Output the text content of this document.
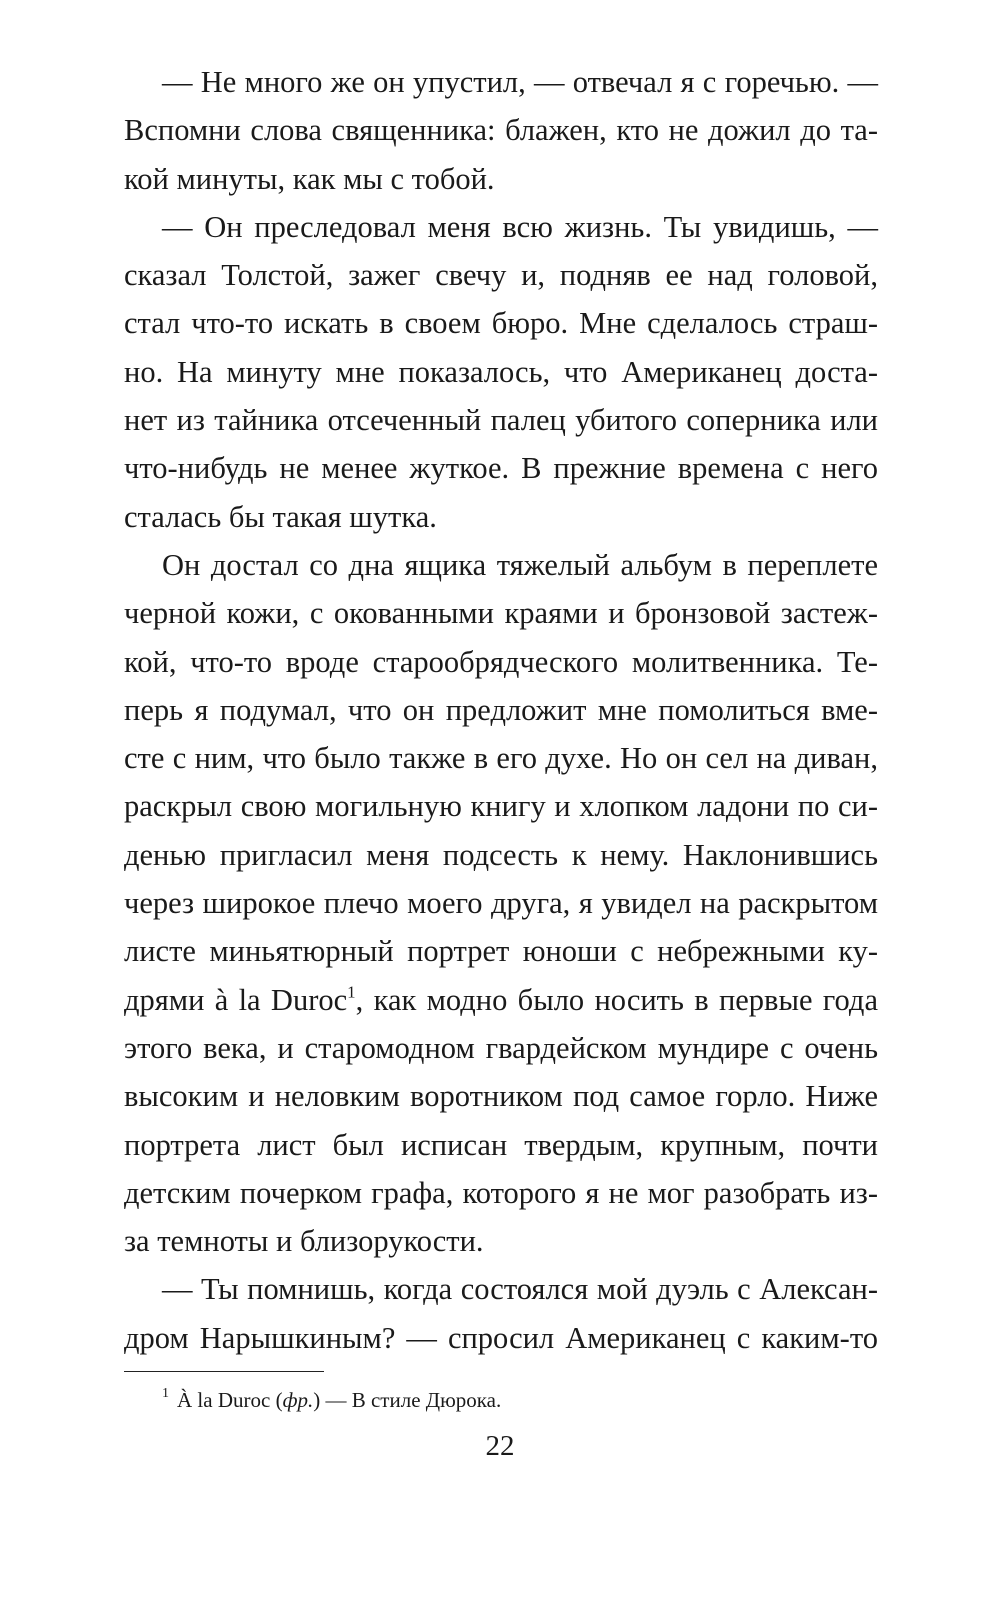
— Не много же он упустил, — отвечал я с горечью. —
Вспомни слова священника: блажен, кто не дожил до та-
кой минуты, как мы с тобой.
— Он преследовал меня всю жизнь. Ты увидишь, —
сказал Толстой, зажег свечу и, подняв ее над головой,
стал что-то искать в своем бюро. Мне сделалось страш-
но. На минуту мне показалось, что Американец доста-
нет из тайника отсеченный палец убитого соперника или
что-нибудь не менее жуткое. В прежние времена с него
сталась бы такая шутка.
Он достал со дна ящика тяжелый альбум в переплете
черной кожи, с окованными краями и бронзовой застеж-
кой, что-то вроде старообрядческого молитвенника. Те-
перь я подумал, что он предложит мне помолиться вме-
сте с ним, что было также в его духе. Но он сел на диван,
раскрыл свою могильную книгу и хлопком ладони по си-
денью пригласил меня подсесть к нему. Наклонившись
через широкое плечо моего друга, я увидел на раскрытом
листе миньятюрный портрет юноши с небрежными ку-
дрями à la Duroc$^1$, как модно было носить в первые года
этого века, и старомодном гвардейском мундире с очень
высоким и неловким воротником под самое горло. Ниже
портрета лист был исписан твердым, крупным, почти
детским почерком графа, которого я не мог разобрать из-
за темноты и близорукости.
— Ты помнишь, когда состоялся мой дуэль с Алексан-
дром Нарышкиным? — спросил Американец с каким-то
$^1$ À la Duroc (фр.) — В стиле Дюрока.
22
